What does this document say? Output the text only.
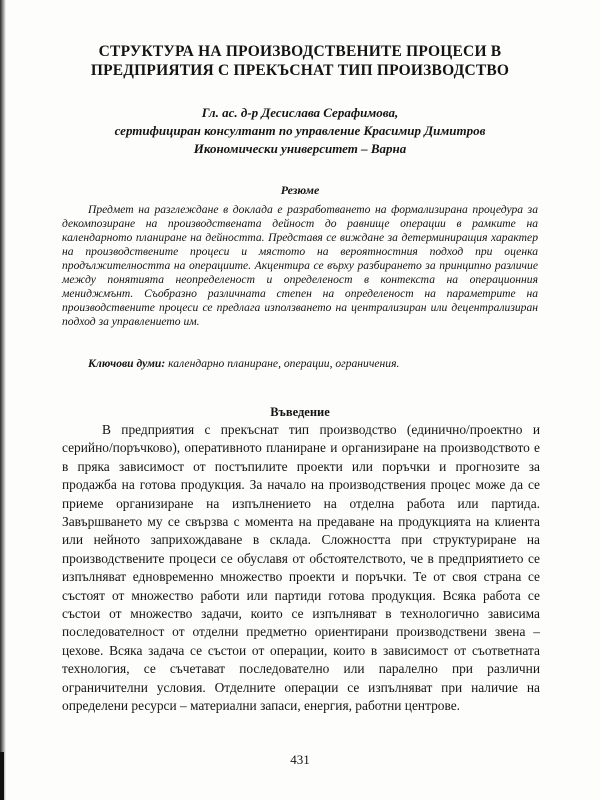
СТРУКТУРА НА ПРОИЗВОДСТВЕНИТЕ ПРОЦЕСИ В ПРЕДПРИЯТИЯ С ПРЕКЪСНАТ ТИП ПРОИЗВОДСТВО
Гл. ас. д-р Десислава Серафимова,
сертифициран консултант по управление Красимир Димитров
Икономически университет – Варна
Резюме

Предмет на разглеждане в доклада е разработването на формализирана процедура за декомпозиране на производствената дейност до равнище операции в рамките на календарното планиране на дейността. Представя се виждане за детерминиращия характер на производствените процеси и мястото на вероятностния подход при оценка продължителността на операциите. Акцентира се върху разбирането за принципно различие между понятията неопределеност и определеност в контекста на операционния мениджмънт. Съобразно различната степен на определеност на параметрите на производствените процеси се предлага използването на централизиран или децентрализиран подход за управлението им.

Ключови думи: календарно планиране, операции, ограничения.
Въведение

В предприятия с прекъснат тип производство (единично/проектно и серийно/поръчково), оперативното планиране и организиране на производството е в пряка зависимост от постъпилите проекти или поръчки и прогнозите за продажба на готова продукция. За начало на производствения процес може да се приеме организиране на изпълнението на отделна работа или партида. Завършването му се свързва с момента на предаване на продукцията на клиента или нейното заприхождаване в склада. Сложността при структуриране на производствените процеси се обуславя от обстоятелството, че в предприятието се изпълняват едновременно множество проекти и поръчки. Те от своя страна се състоят от множество работи или партиди готова продукция. Всяка работа се състои от множество задачи, които се изпълняват в технологично зависима последователност от отделни предметно ориентирани производствени звена – цехове. Всяка задача се състои от операции, които в зависимост от съответната технология, се съчетават последователно или паралелно при различни ограничителни условия. Отделните операции се изпълняват при наличие на определени ресурси – материални запаси, енергия, работни центрове.

431
